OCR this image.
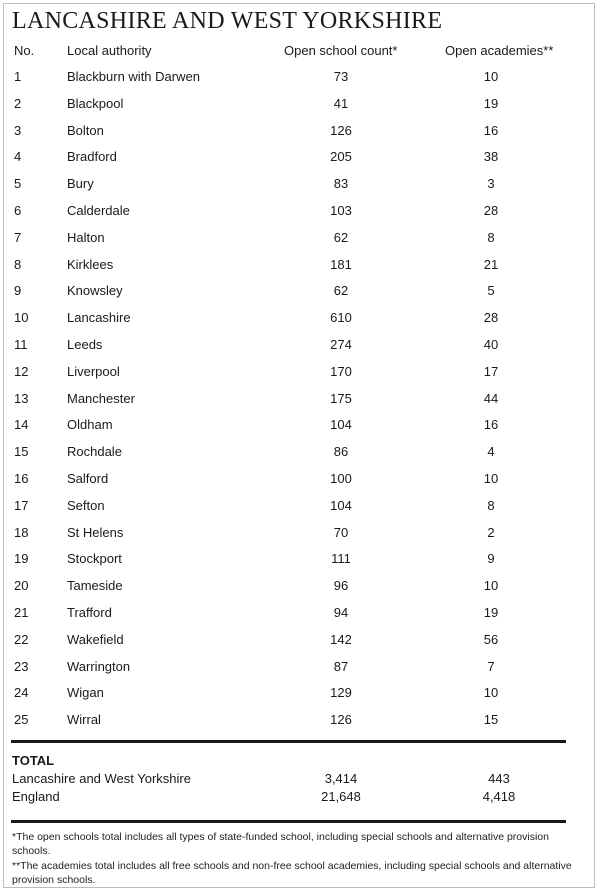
LANCASHIRE AND WEST YORKSHIRE
No.	Local authority	Open school count*	Open academies**
1	Blackburn with Darwen	73	10
2	Blackpool	41	19
3	Bolton	126	16
4	Bradford	205	38
5	Bury	83	3
6	Calderdale	103	28
7	Halton	62	8
8	Kirklees	181	21
9	Knowsley	62	5
10	Lancashire	610	28
11	Leeds	274	40
12	Liverpool	170	17
13	Manchester	175	44
14	Oldham	104	16
15	Rochdale	86	4
16	Salford	100	10
17	Sefton	104	8
18	St Helens	70	2
19	Stockport	111	9
20	Tameside	96	10
21	Trafford	94	19
22	Wakefield	142	56
23	Warrington	87	7
24	Wigan	129	10
25	Wirral	126	15
TOTAL
Lancashire and West Yorkshire	3,414	443
England	21,648	4,418
*The open schools total includes all types of state-funded school, including special schools and alternative provision schools.
**The academies total includes all free schools and non-free school academies, including special schools and alternative provision schools.
